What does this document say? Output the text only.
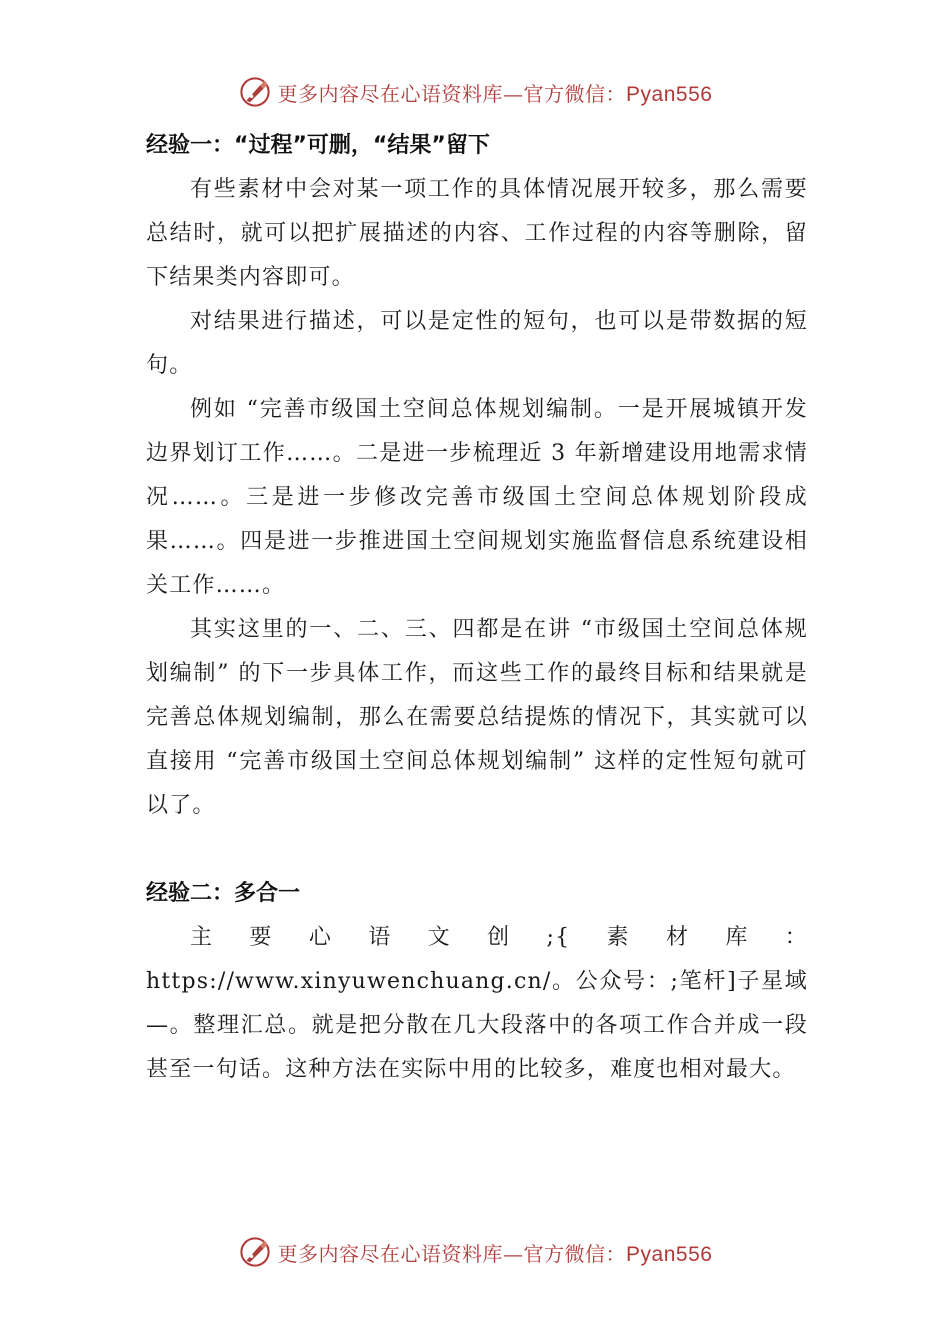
更多内容尽在心语资料库—官方微信：Pyan556
经验一：“过程”可删，“结果”留下

有些素材中会对某一项工作的具体情况展开较多，那么需要总结时，就可以把扩展描述的内容、工作过程的内容等删除，留下结果类内容即可。

对结果进行描述，可以是定性的短句，也可以是带数据的短句。

例如 “完善市级国土空间总体规划编制。一是开展城镇开发边界划订工作……。二是进一步梳理近 3 年新增建设用地需求情况……。三是进一步修改完善市级国土空间总体规划阶段成果……。四是进一步推进国土空间规划实施监督信息系统建设相关工作……。

其实这里的一、二、三、四都是在讲 “市级国土空间总体规划编制” 的下一步具体工作，而这些工作的最终目标和结果就是完善总体规划编制，那么在需要总结提炼的情况下，其实就可以直接用 “完善市级国土空间总体规划编制” 这样的定性短句就可以了。

经验二：多合一

主要心语文创;{素材库：https://www.xinyuwenchuang.cn/。公众号：;笔杆]子星域—。整理汇总。就是把分散在几大段落中的各项工作合并成一段甚至一句话。这种方法在实际中用的比较多，难度也相对最大。

更多内容尽在心语资料库—官方微信：Pyan556
